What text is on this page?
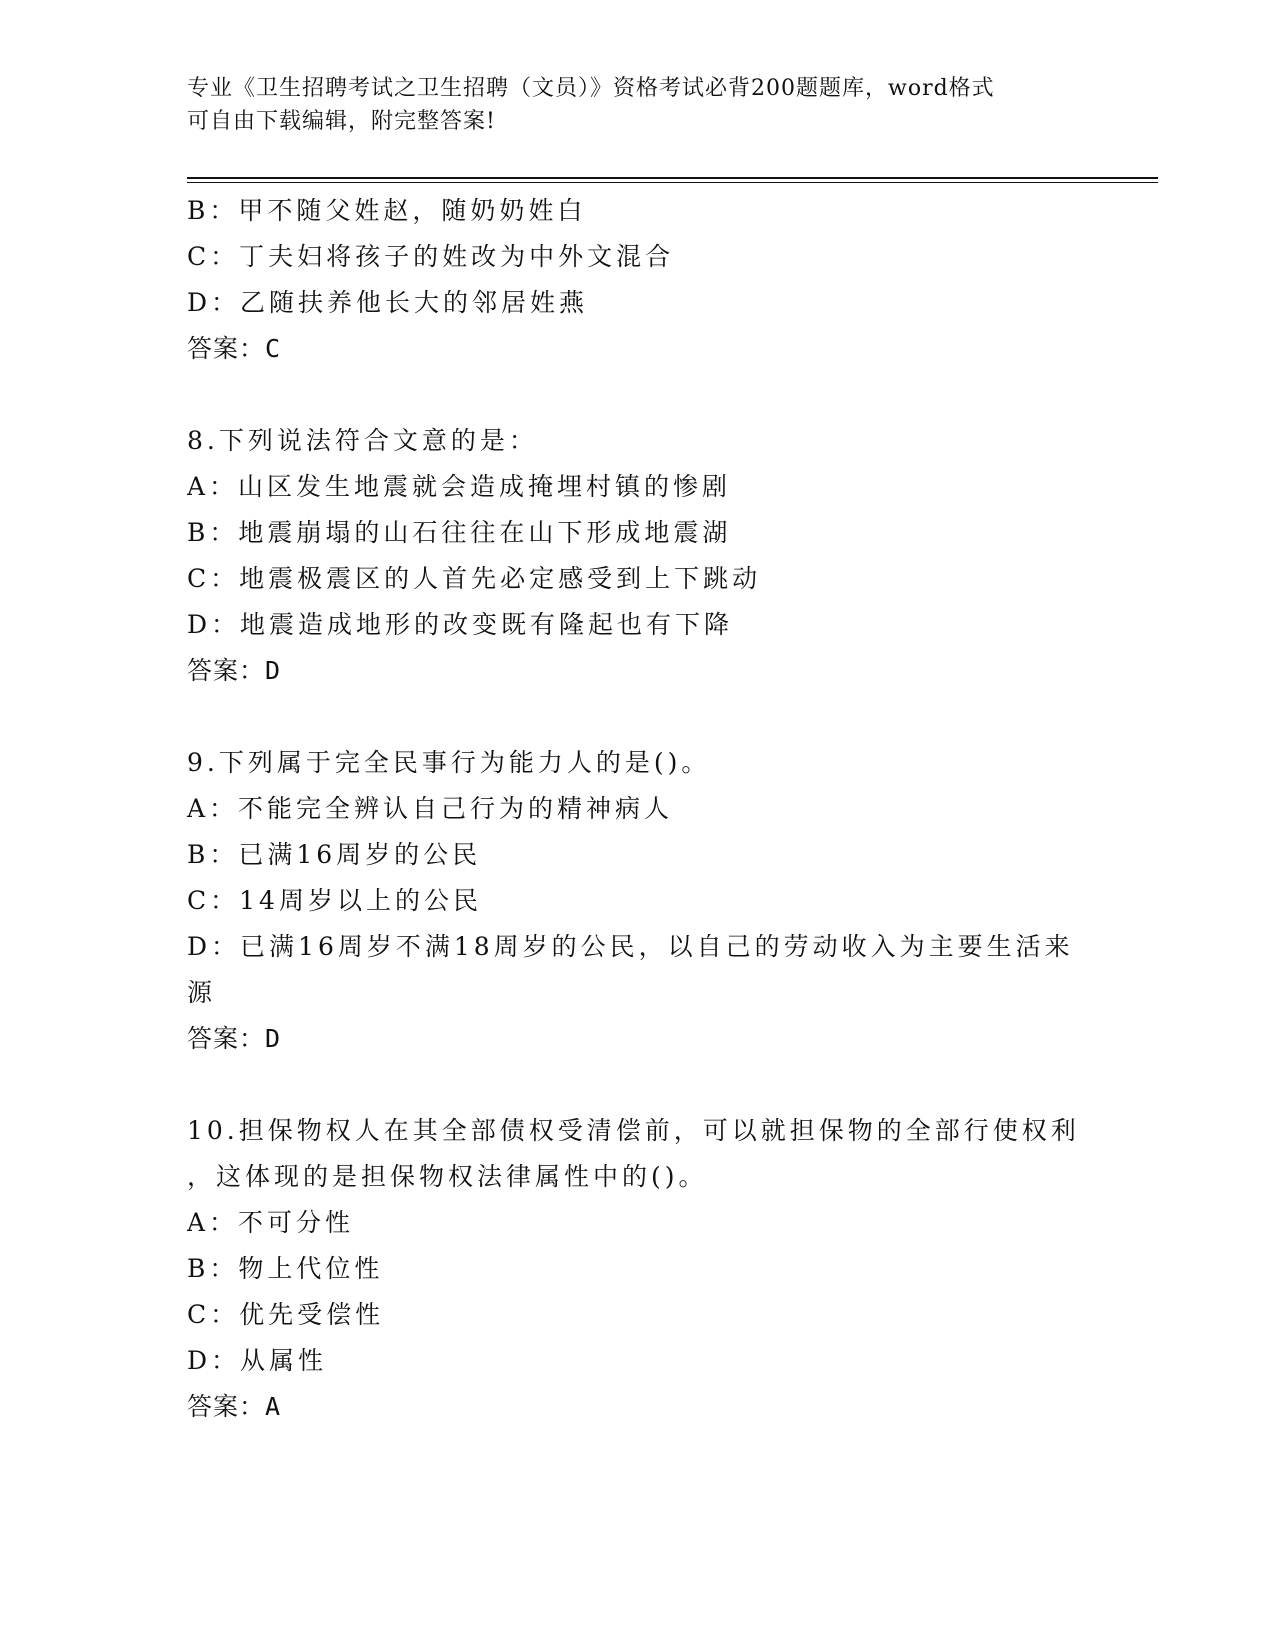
专业《卫生招聘考试之卫生招聘（文员）》资格考试必背200题题库，word格式
可自由下载编辑，附完整答案!
B：甲不随父姓赵，随奶奶姓白
C：丁夫妇将孩子的姓改为中外文混合
D：乙随扶养他长大的邻居姓燕
答案：C
8.下列说法符合文意的是：
A：山区发生地震就会造成掩埋村镇的惨剧
B：地震崩塌的山石往往在山下形成地震湖
C：地震极震区的人首先必定感受到上下跳动
D：地震造成地形的改变既有隆起也有下降
答案：D
9.下列属于完全民事行为能力人的是()。
A：不能完全辨认自己行为的精神病人
B：已满16周岁的公民
C：14周岁以上的公民
D：已满16周岁不满18周岁的公民，以自己的劳动收入为主要生活来
源
答案：D
10.担保物权人在其全部债权受清偿前，可以就担保物的全部行使权利
，这体现的是担保物权法律属性中的()。
A：不可分性
B：物上代位性
C：优先受偿性
D：从属性
答案：A
